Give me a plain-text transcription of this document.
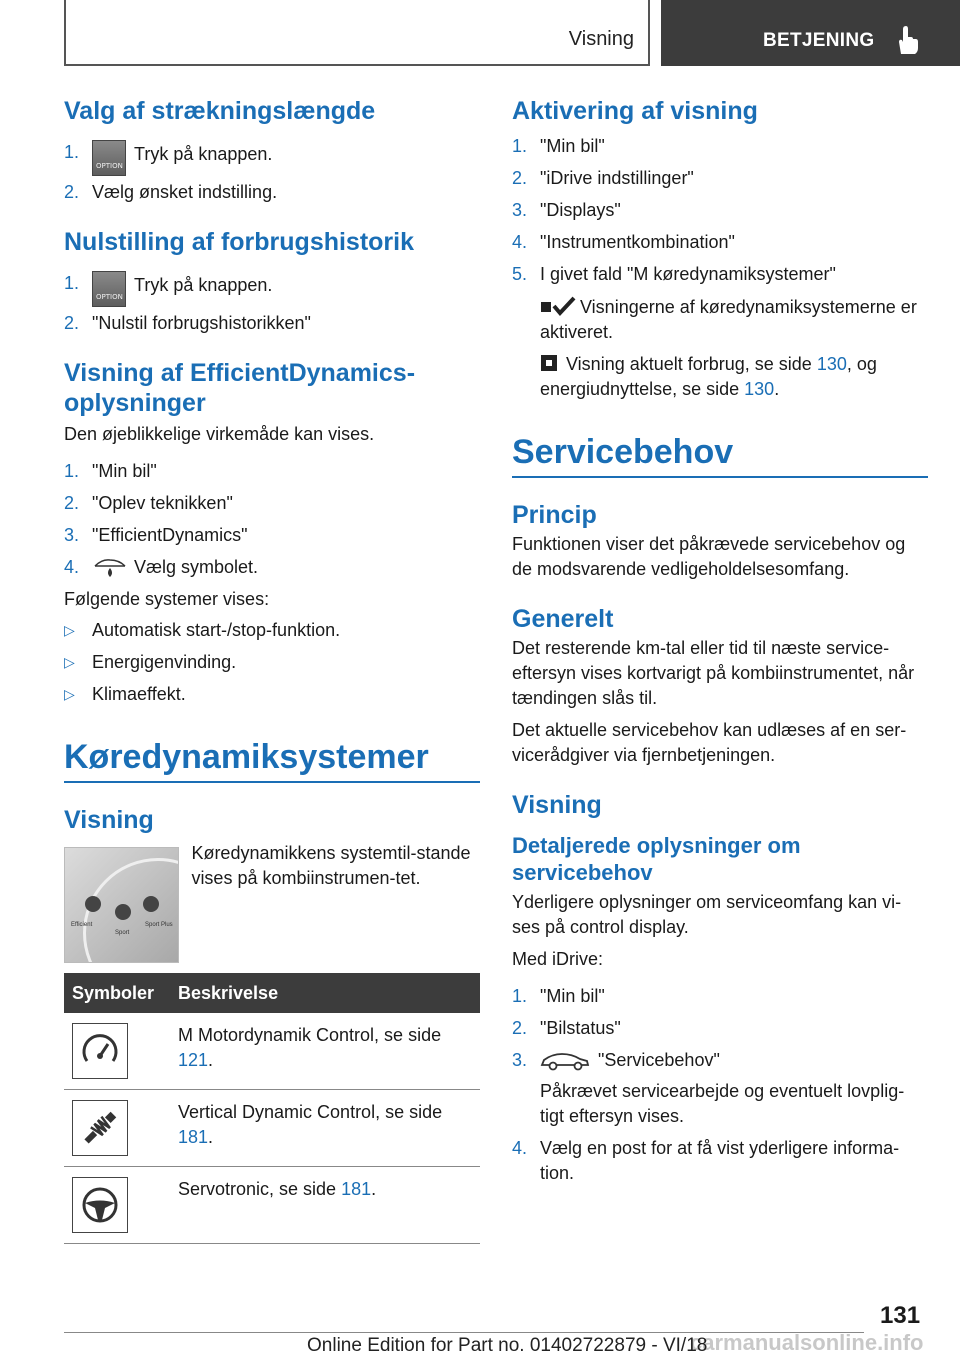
Visning	BETJENING
Valg af strækningslængde
1. OPTION	Tryk på knappen.
2. Vælg ønsket indstilling.
Nulstilling af forbrugshistorik
1. OPTION	Tryk på knappen.
2. "Nulstil forbrugshistorikken"
Visning af EfficientDynamics-oplysninger
Den øjeblikkelige virkemåde kan vises.
1. "Min bil"
2. "Oplev teknikken"
3. "EfficientDynamics"
4.	Vælg symbolet.
Følgende systemer vises:
▷ Automatisk start-/stop-funktion.
▷ Energigenvinding.
▷ Klimaeffekt.
Køredynamiksystemer
Visning
Efficient
Sport
Sport Plus
Køredynamikkens systemtil-stande vises på kombiinstrumen-tet.
Symboler	Beskrivelse

	M Motordynamik Control, se side 121.

	Vertical Dynamic Control, se side 181.

	Servotronic, se side 181.
Aktivering af visning
1. "Min bil"
2. "iDrive indstillinger"
3. "Displays"
4. "Instrumentkombination"
5. I givet fald "M køredynamiksystemer"
Visningerne af køredynamiksystemerne er aktiveret.
Visning aktuelt forbrug, se side 130, og energiudnyttelse, se side 130.
Servicebehov
Princip
Funktionen viser det påkrævede servicebehov og de modsvarende vedligeholdelsesomfang.
Generelt
Det resterende km-tal eller tid til næste service-eftersyn vises kortvarigt på kombiinstrumentet, når tændingen slås til.
Det aktuelle servicebehov kan udlæses af en ser-vicerådgiver via fjernbetjeningen.
Visning
Detaljerede oplysninger om servicebehov
Yderligere oplysninger om serviceomfang kan vi-ses på control display.
Med iDrive:
1. "Min bil"
2. "Bilstatus"
3.	"Servicebehov"
Påkrævet servicearbejde og eventuelt lovplig-tigt eftersyn vises.
4. Vælg en post for at få vist yderligere informa-tion.
131
carmanualsonline.info
Online Edition for Part no. 01402722879 - VI/18
